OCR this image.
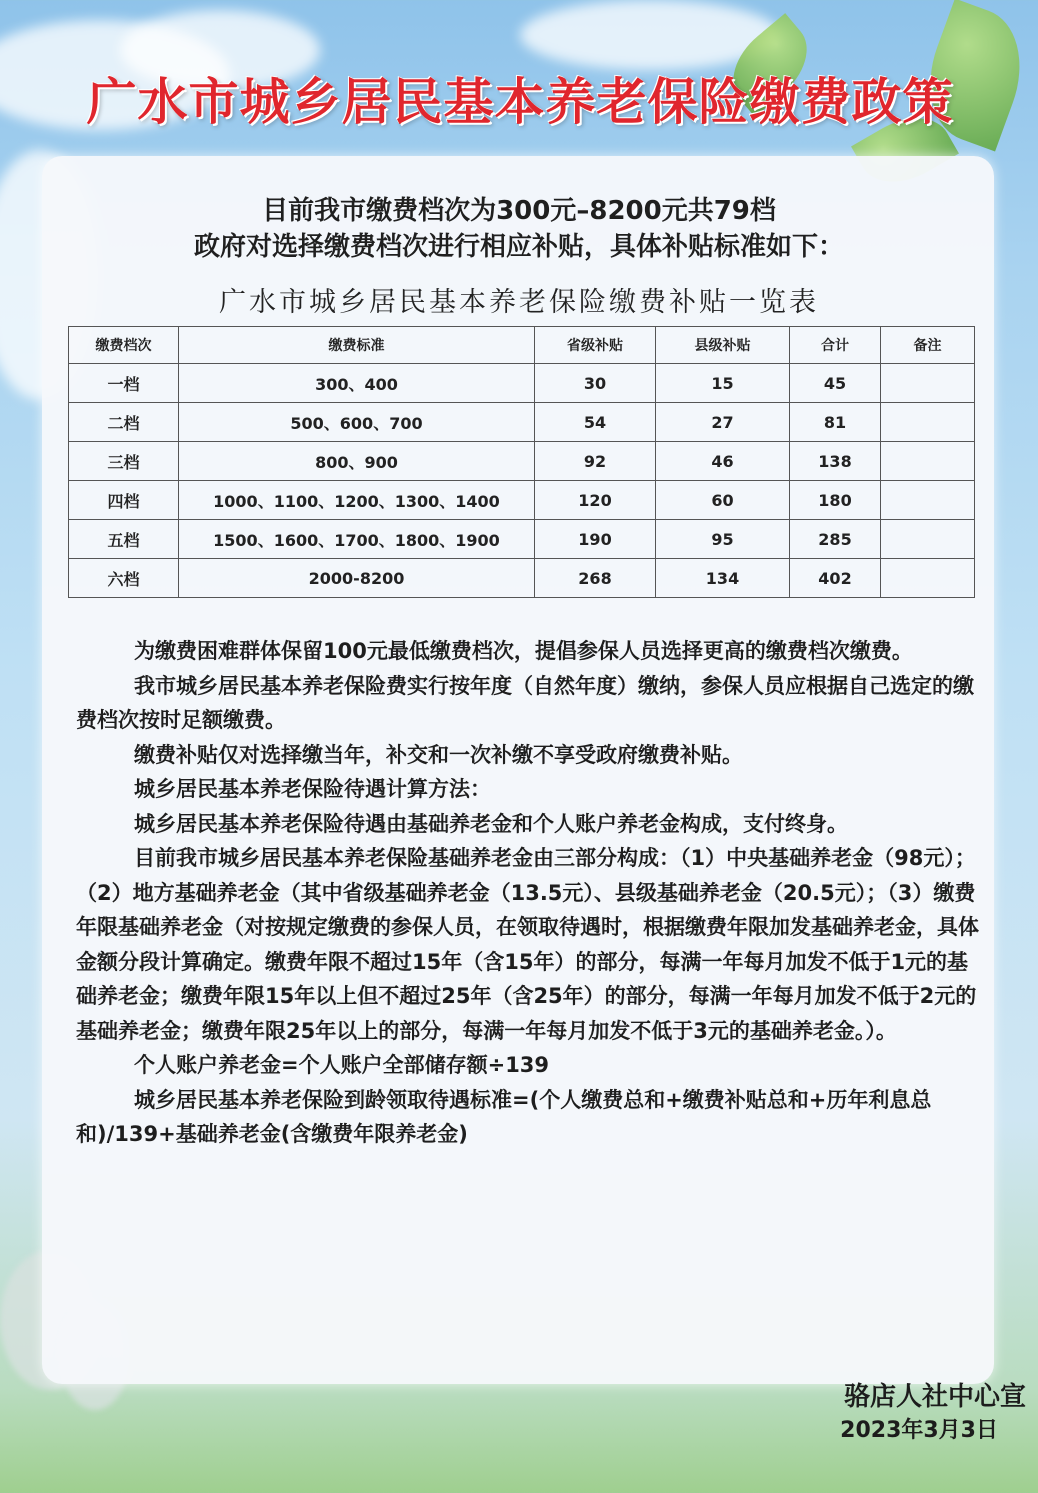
广水市城乡居民基本养老保险缴费政策
目前我市缴费档次为300元–8200元共79档
政府对选择缴费档次进行相应补贴，具体补贴标准如下：
广水市城乡居民基本养老保险缴费补贴一览表
缴费档次	缴费标准	省级补贴	县级补贴	合计	备注
一档	300、400	30	15	45	
二档	500、600、700	54	27	81	
三档	800、900	92	46	138	
四档	1000、1100、1200、1300、1400	120	60	180	
五档	1500、1600、1700、1800、1900	190	95	285	
六档	2000-8200	268	134	402	

为缴费困难群体保留100元最低缴费档次，提倡参保人员选择更高的缴费档次缴费。

我市城乡居民基本养老保险费实行按年度（自然年度）缴纳，参保人员应根据自己选定的缴费档次按时足额缴费。

缴费补贴仅对选择缴当年，补交和一次补缴不享受政府缴费补贴。

城乡居民基本养老保险待遇计算方法：

城乡居民基本养老保险待遇由基础养老金和个人账户养老金构成，支付终身。

目前我市城乡居民基本养老保险基础养老金由三部分构成：（1）中央基础养老金（98元）；（2）地方基础养老金（其中省级基础养老金（13.5元）、县级基础养老金（20.5元）；（3）缴费年限基础养老金（对按规定缴费的参保人员，在领取待遇时，根据缴费年限加发基础养老金，具体金额分段计算确定。缴费年限不超过15年（含15年）的部分，每满一年每月加发不低于1元的基础养老金；缴费年限15年以上但不超过25年（含25年）的部分，每满一年每月加发不低于2元的基础养老金；缴费年限25年以上的部分，每满一年每月加发不低于3元的基础养老金。）。

个人账户养老金=个人账户全部储存额÷139

城乡居民基本养老保险到龄领取待遇标准=(个人缴费总和+缴费补贴总和+历年利息总和)/139+基础养老金(含缴费年限养老金)

骆店人社中心宣
2023年3月3日
